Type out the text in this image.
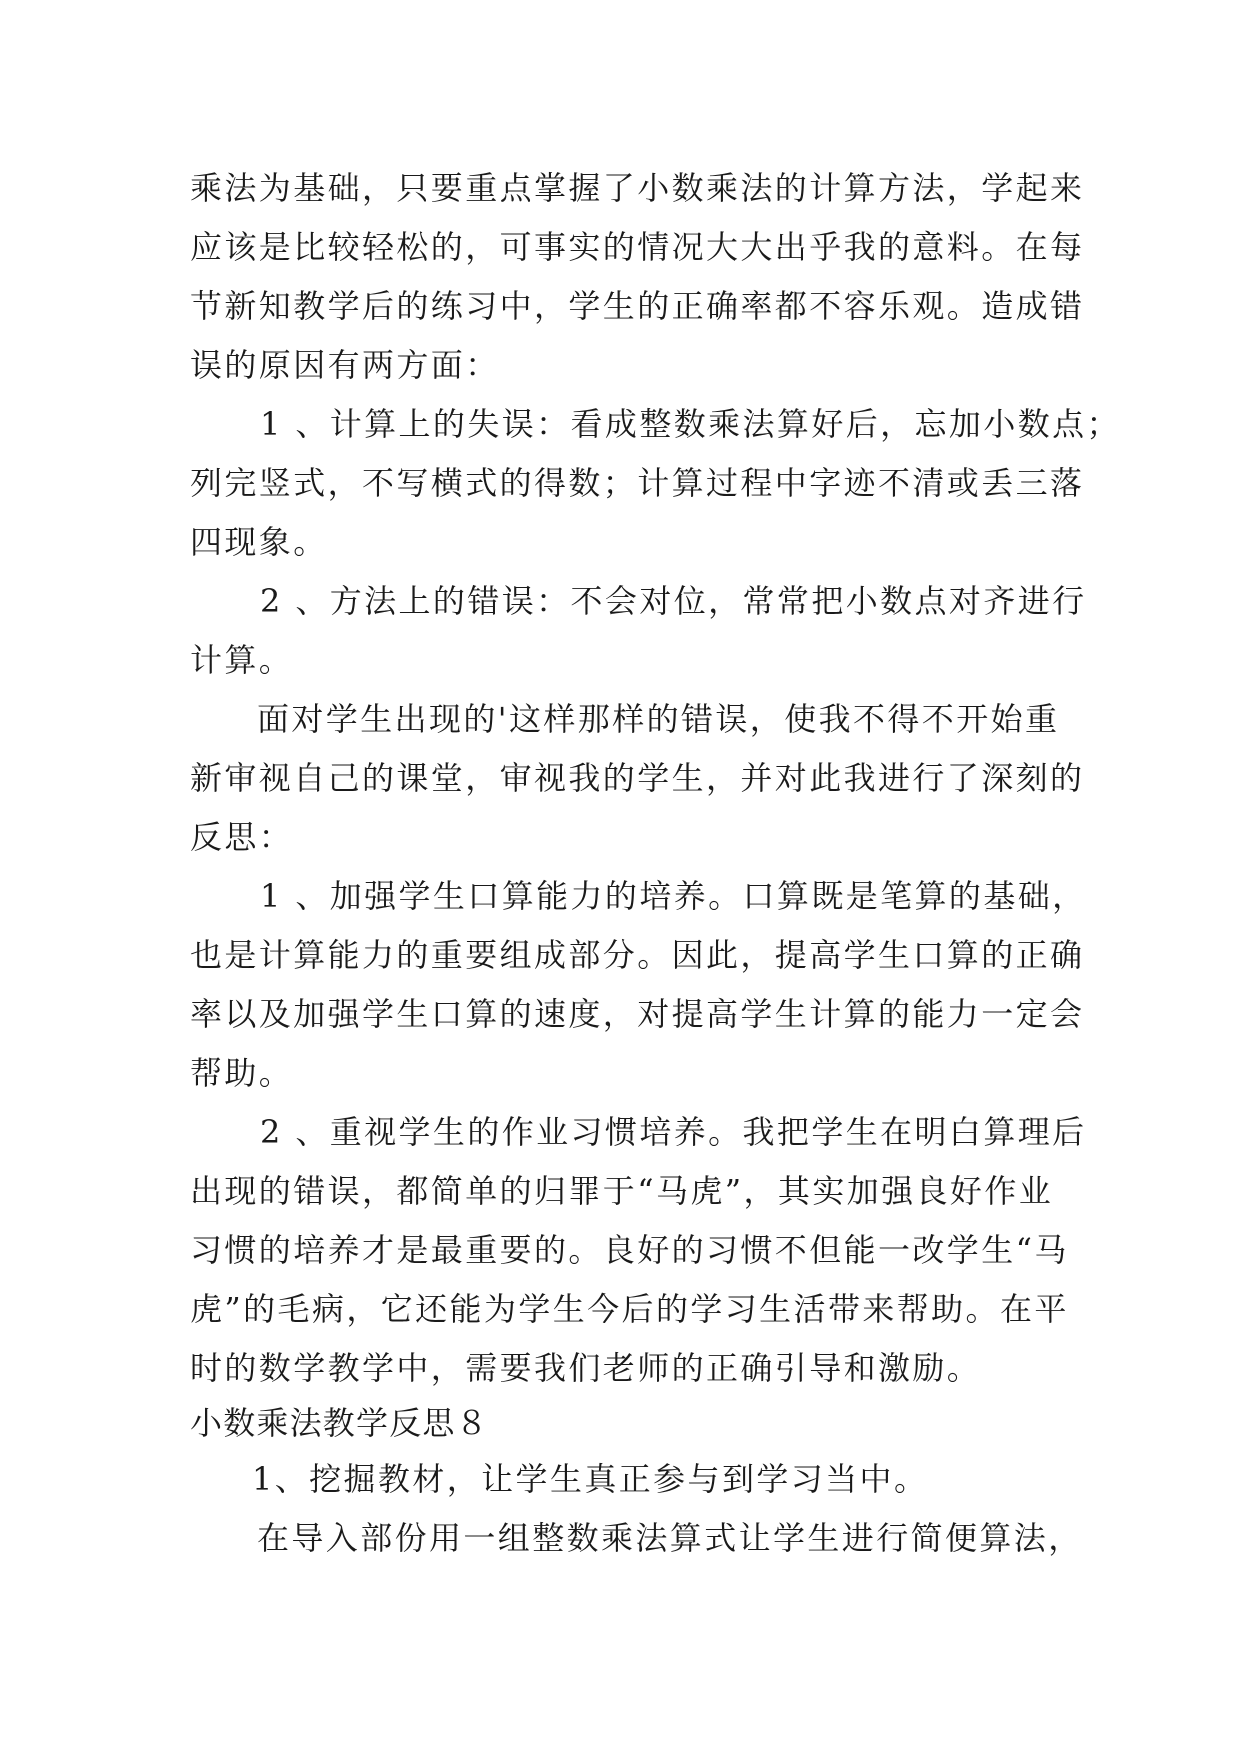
乘法为基础，只要重点掌握了小数乘法的计算方法，学起来

应该是比较轻松的，可事实的情况大大出乎我的意料。在每

节新知教学后的练习中，学生的正确率都不容乐观。造成错

误的原因有两方面：

1 、计算上的失误：看成整数乘法算好后，忘加小数点；

列完竖式，不写横式的得数；计算过程中字迹不清或丢三落

四现象。

2 、方法上的错误：不会对位，常常把小数点对齐进行

计算。

面对学生出现的'这样那样的错误，使我不得不开始重

新审视自己的课堂，审视我的学生，并对此我进行了深刻的

反思：

1 、加强学生口算能力的培养。口算既是笔算的基础，

也是计算能力的重要组成部分。因此，提高学生口算的正确

率以及加强学生口算的速度，对提高学生计算的能力一定会

帮助。

2 、重视学生的作业习惯培养。我把学生在明白算理后

出现的错误，都简单的归罪于“马虎”，其实加强良好作业

习惯的培养才是最重要的。良好的习惯不但能一改学生“马

虎”的毛病，它还能为学生今后的学习生活带来帮助。在平

时的数学教学中，需要我们老师的正确引导和激励。

小数乘法教学反思８

1、挖掘教材，让学生真正参与到学习当中。

在导入部份用一组整数乘法算式让学生进行简便算法，
